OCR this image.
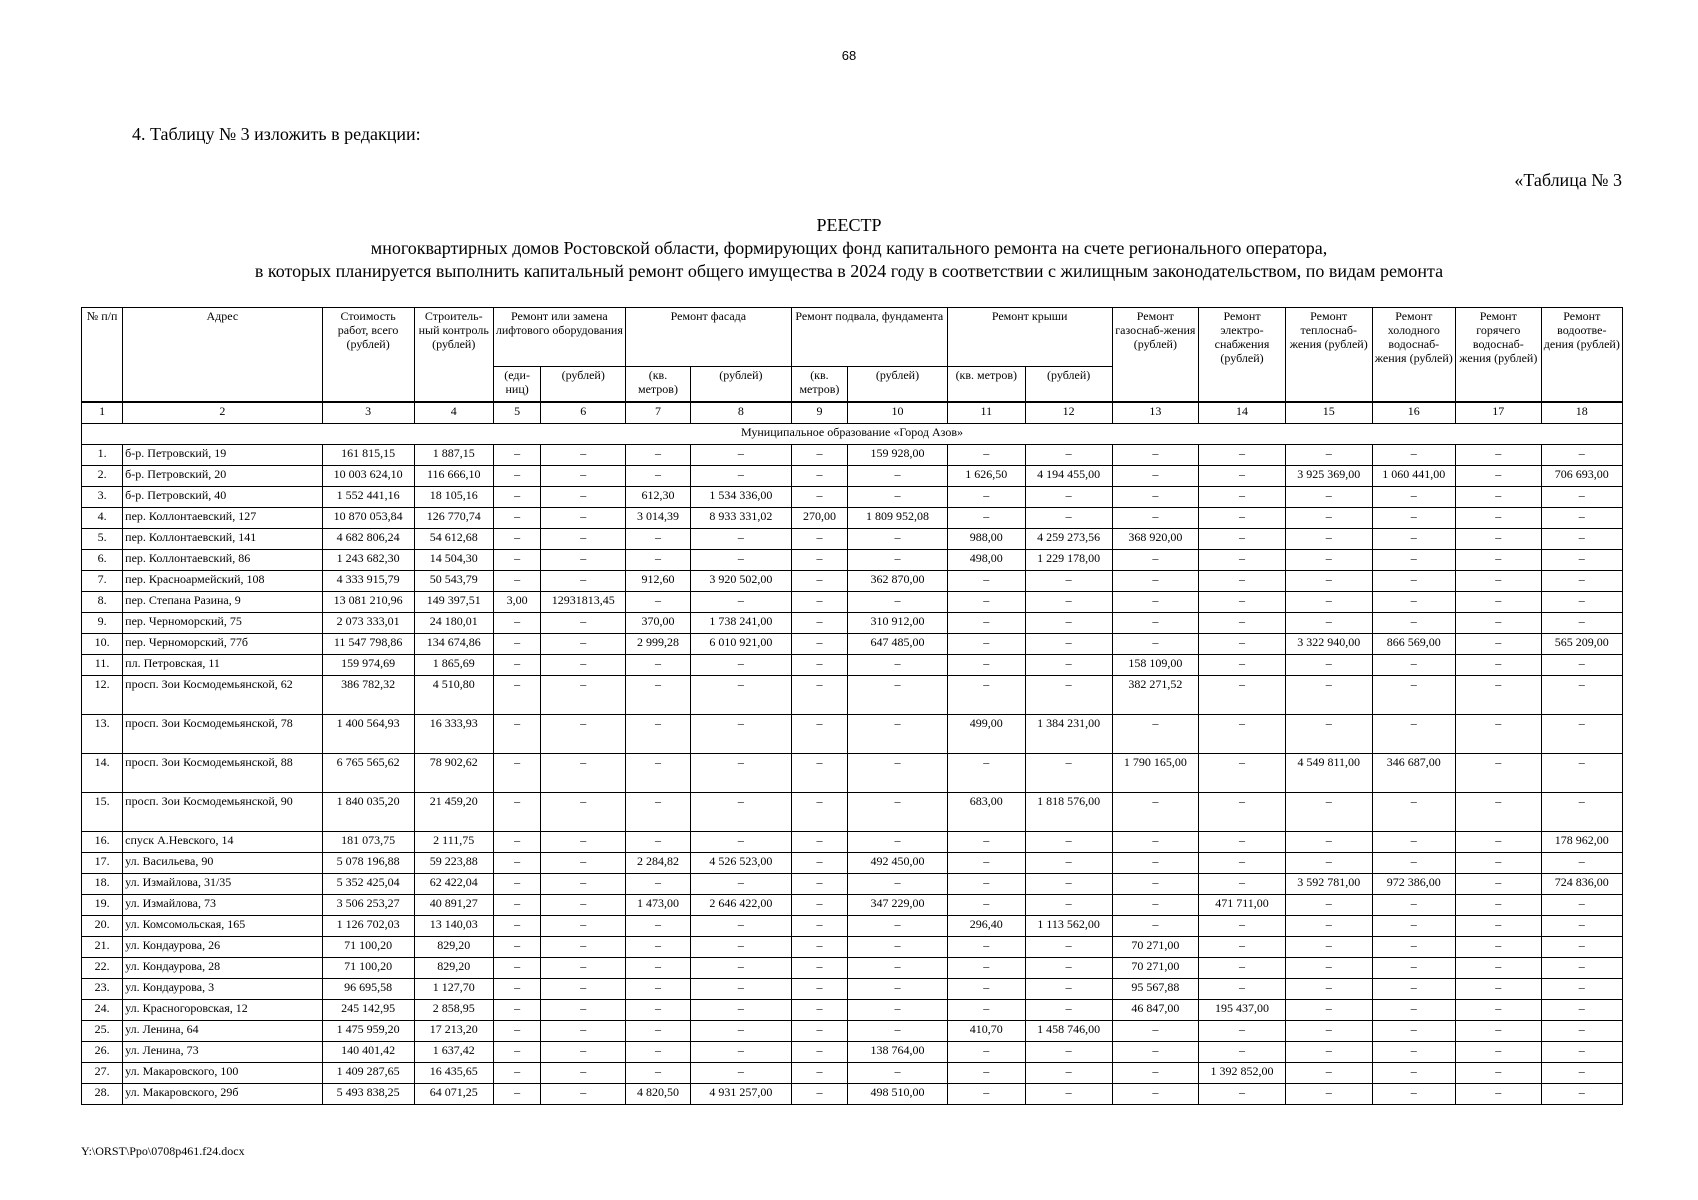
68
4. Таблицу № 3 изложить в редакции:
«Таблица № 3
РЕЕСТР
многоквартирных домов Ростовской области, формирующих фонд капитального ремонта на счете регионального оператора,
в которых планируется выполнить капитальный ремонт общего имущества в 2024 году в соответствии с жилищным законодательством, по видам ремонта
№ п/п	Адрес	Стоимость работ, всего (рублей)	Строитель-ный контроль (рублей)	Ремонт или замена лифтового оборудования		Ремонт фасада		Ремонт подвала, фундамента		Ремонт крыши		Ремонт газоснаб-жения (рублей)	Ремонт электро-снабжения (рублей)	Ремонт теплоснаб-жения (рублей)	Ремонт холодного водоснаб-жения (рублей)	Ремонт горячего водоснаб-жения (рублей)	Ремонт водоотве-дения (рублей)
				(еди-ниц)	(рублей)	(кв. метров)	(рублей)	(кв. метров)	(рублей)	(кв. метров)	(рублей)						
1	2	3	4	5	6	7	8	9	10	11	12	13	14	15	16	17	18
Муниципальное образование «Город Азов»																	
1.	б-р. Петровский, 19	161 815,15	1 887,15	–	–	–	–	–	159 928,00	–	–	–	–	–	–	–	–
2.	б-р. Петровский, 20	10 003 624,10	116 666,10	–	–	–	–	–	–	1 626,50	4 194 455,00	–	–	3 925 369,00	1 060 441,00	–	706 693,00
3.	б-р. Петровский, 40	1 552 441,16	18 105,16	–	–	612,30	1 534 336,00	–	–	–	–	–	–	–	–	–	–
4.	пер. Коллонтаевский, 127	10 870 053,84	126 770,74	–	–	3 014,39	8 933 331,02	270,00	1 809 952,08	–	–	–	–	–	–	–	–
5.	пер. Коллонтаевский, 141	4 682 806,24	54 612,68	–	–	–	–	–	–	988,00	4 259 273,56	368 920,00	–	–	–	–	–
6.	пер. Коллонтаевский, 86	1 243 682,30	14 504,30	–	–	–	–	–	–	498,00	1 229 178,00	–	–	–	–	–	–
7.	пер. Красноармейский, 108	4 333 915,79	50 543,79	–	–	912,60	3 920 502,00	–	362 870,00	–	–	–	–	–	–	–	–
8.	пер. Степана Разина, 9	13 081 210,96	149 397,51	3,00	12931813,45	–	–	–	–	–	–	–	–	–	–	–	–
9.	пер. Черноморский, 75	2 073 333,01	24 180,01	–	–	370,00	1 738 241,00	–	310 912,00	–	–	–	–	–	–	–	–
10.	пер. Черноморский, 77б	11 547 798,86	134 674,86	–	–	2 999,28	6 010 921,00	–	647 485,00	–	–	–	–	3 322 940,00	866 569,00	–	565 209,00
11.	пл. Петровская, 11	159 974,69	1 865,69	–	–	–	–	–	–	–	–	158 109,00	–	–	–	–	–
12.	просп. Зои Космодемьянской, 62	386 782,32	4 510,80	–	–	–	–	–	–	–	–	382 271,52	–	–	–	–	–
13.	просп. Зои Космодемьянской, 78	1 400 564,93	16 333,93	–	–	–	–	–	–	499,00	1 384 231,00	–	–	–	–	–	–
14.	просп. Зои Космодемьянской, 88	6 765 565,62	78 902,62	–	–	–	–	–	–	–	–	1 790 165,00	–	4 549 811,00	346 687,00	–	–
15.	просп. Зои Космодемьянской, 90	1 840 035,20	21 459,20	–	–	–	–	–	–	683,00	1 818 576,00	–	–	–	–	–	–
16.	спуск А.Невского, 14	181 073,75	2 111,75	–	–	–	–	–	–	–	–	–	–	–	–	–	178 962,00
17.	ул. Васильева, 90	5 078 196,88	59 223,88	–	–	2 284,82	4 526 523,00	–	492 450,00	–	–	–	–	–	–	–	–
18.	ул. Измайлова, 31/35	5 352 425,04	62 422,04	–	–	–	–	–	–	–	–	–	–	3 592 781,00	972 386,00	–	724 836,00
19.	ул. Измайлова, 73	3 506 253,27	40 891,27	–	–	1 473,00	2 646 422,00	–	347 229,00	–	–	–	471 711,00	–	–	–	–
20.	ул. Комсомольская, 165	1 126 702,03	13 140,03	–	–	–	–	–	–	296,40	1 113 562,00	–	–	–	–	–	–
21.	ул. Кондаурова, 26	71 100,20	829,20	–	–	–	–	–	–	–	–	70 271,00	–	–	–	–	–
22.	ул. Кондаурова, 28	71 100,20	829,20	–	–	–	–	–	–	–	–	70 271,00	–	–	–	–	–
23.	ул. Кондаурова, 3	96 695,58	1 127,70	–	–	–	–	–	–	–	–	95 567,88	–	–	–	–	–
24.	ул. Красногоровская, 12	245 142,95	2 858,95	–	–	–	–	–	–	–	–	46 847,00	195 437,00	–	–	–	–
25.	ул. Ленина, 64	1 475 959,20	17 213,20	–	–	–	–	–	–	410,70	1 458 746,00	–	–	–	–	–	–
26.	ул. Ленина, 73	140 401,42	1 637,42	–	–	–	–	–	138 764,00	–	–	–	–	–	–	–	–
27.	ул. Макаровского, 100	1 409 287,65	16 435,65	–	–	–	–	–	–	–	–	–	1 392 852,00	–	–	–	–
28.	ул. Макаровского, 29б	5 493 838,25	64 071,25	–	–	4 820,50	4 931 257,00	–	498 510,00	–	–	–	–	–	–	–	–
Y:\ORST\Ppo\0708p461.f24.docx
